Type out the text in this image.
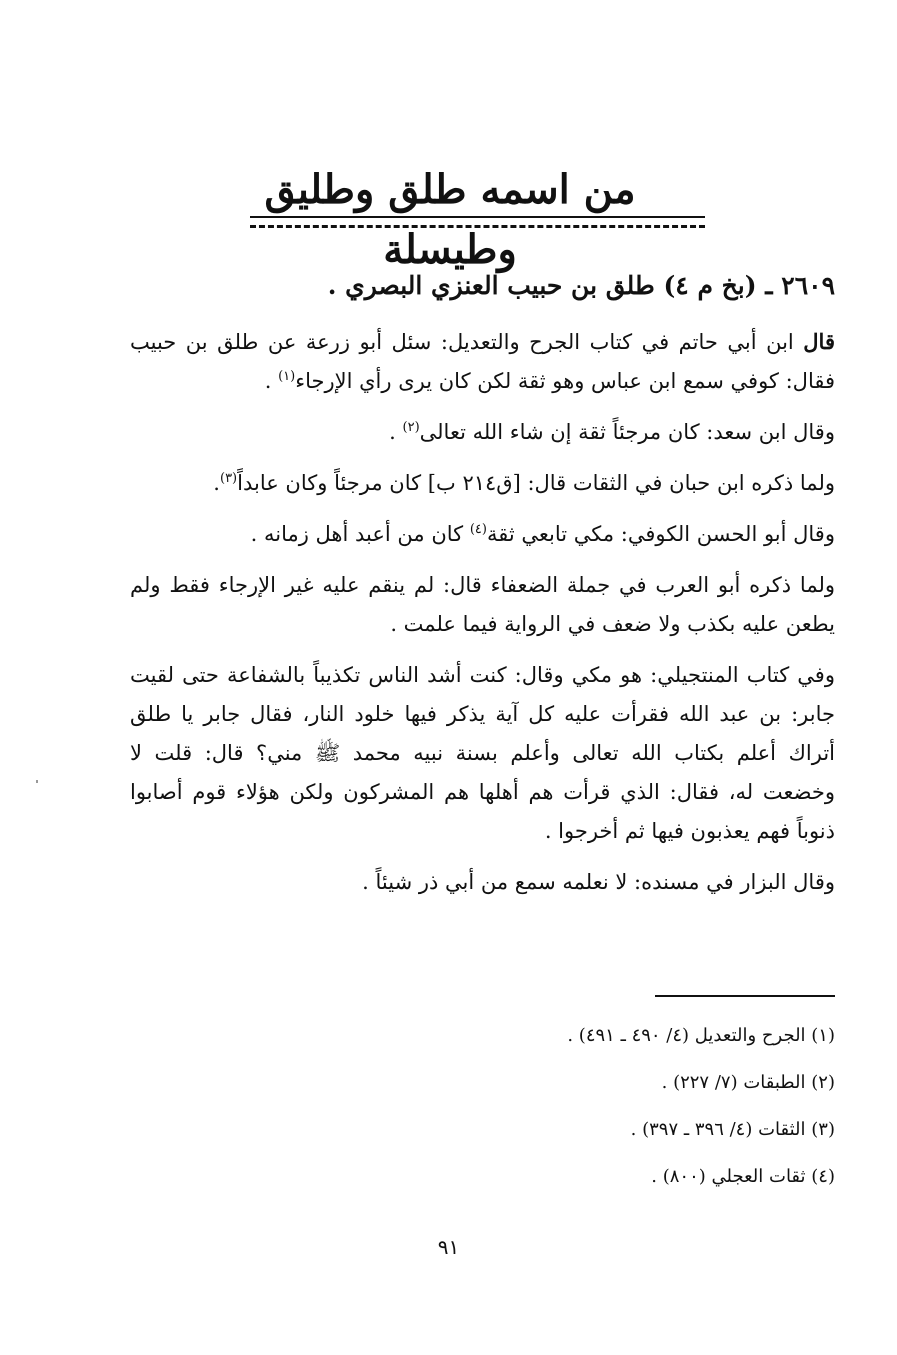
من اسمه طلق وطليق وطيسلة
٢٦٠٩ ـ (بخ م ٤) طلق بن حبيب العنزي البصري .

قال ابن أبي حاتم في كتاب الجرح والتعديل: سئل أبو زرعة عن طلق بن حبيب فقال: كوفي سمع ابن عباس وهو ثقة لكن كان يرى رأي الإرجاء$^{(١)}$ .

وقال ابن سعد: كان مرجئاً ثقة إن شاء الله تعالى$^{(٢)}$ .

ولما ذكره ابن حبان في الثقات قال: [ق٢١٤ ب] كان مرجئاً وكان عابداً$^{(٣)}$.

وقال أبو الحسن الكوفي: مكي تابعي ثقة$^{(٤)}$ كان من أعبد أهل زمانه .

ولما ذكره أبو العرب في جملة الضعفاء قال: لم ينقم عليه غير الإرجاء فقط ولم يطعن عليه بكذب ولا ضعف في الرواية فيما علمت .

وفي كتاب المنتجيلي: هو مكي وقال: كنت أشد الناس تكذيباً بالشفاعة حتى لقيت جابر: بن عبد الله فقرأت عليه كل آية يذكر فيها خلود النار، فقال جابر يا طلق أتراك أعلم بكتاب الله تعالى وأعلم بسنة نبيه محمد ﷺ مني؟ قال: قلت لا وخضعت له، فقال: الذي قرأت هم أهلها هم المشركون ولكن هؤلاء قوم أصابوا ذنوباً فهم يعذبون فيها ثم أخرجوا .

وقال البزار في مسنده: لا نعلمه سمع من أبي ذر شيئاً .

(١) الجرح والتعديل (٤/ ٤٩٠ ـ ٤٩١) .
(٢) الطبقات (٧/ ٢٢٧) .
(٣) الثقات (٤/ ٣٩٦ ـ ٣٩٧) .
(٤) ثقات العجلي (٨٠٠) .
٩١
